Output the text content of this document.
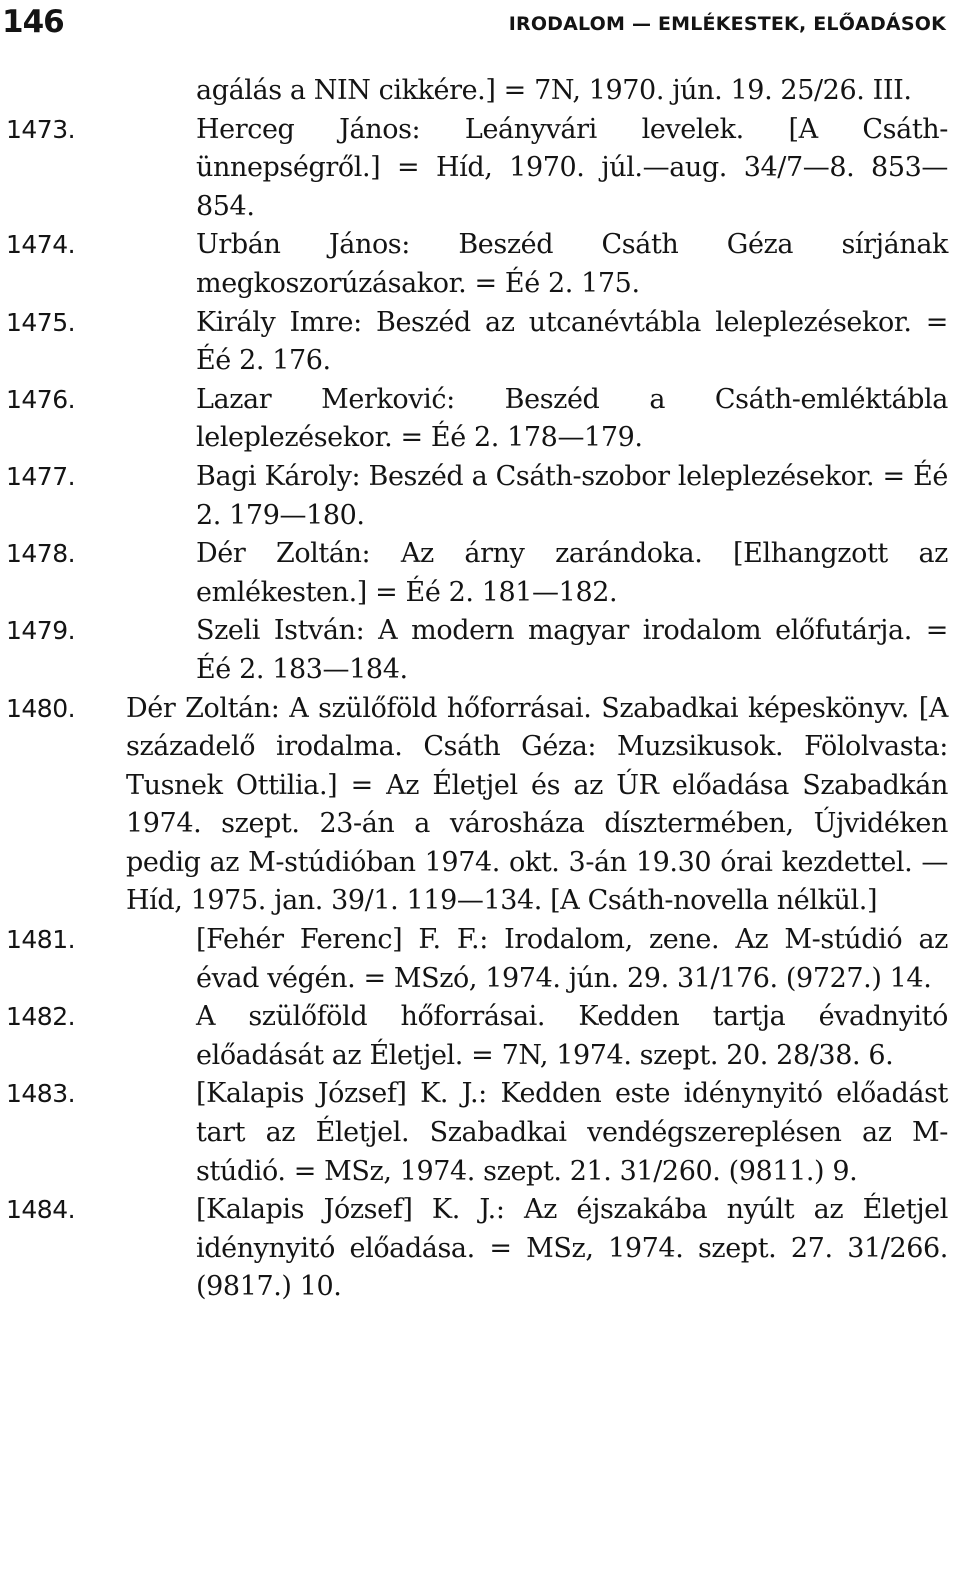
146	IRODALOM — EMLÉKESTEK, ELŐADÁSOK
agálás a NIN cikkére.] = 7N, 1970. jún. 19. 25/26. III.
1473.	Herceg János: Leányvári levelek. [A Csáth-ünnepségről.] = Híd, 1970. júl.—aug. 34/7—8. 853—854.
1474.	Urbán János: Beszéd Csáth Géza sírjának megkoszorúzásakor. = Éé 2. 175.
1475.	Király Imre: Beszéd az utcanévtábla leleplezésekor. = Éé 2. 176.
1476.	Lazar Merković: Beszéd a Csáth-emléktábla leleplezésekor. = Éé 2. 178—179.
1477.	Bagi Károly: Beszéd a Csáth-szobor leleplezésekor. = Éé 2. 179—180.
1478.	Dér Zoltán: Az árny zarándoka. [Elhangzott az emlékesten.] = Éé 2. 181—182.
1479.	Szeli István: A modern magyar irodalom előfutárja. = Éé 2. 183—184.
1480. Dér Zoltán: A szülőföld hőforrásai. Szabadkai képeskönyv. [A századelő irodalma. Csáth Géza: Muzsikusok. Fölolvasta: Tusnek Ottilia.] = Az Életjel és az ÚR előadása Szabadkán 1974. szept. 23-án a városháza dísztermében, Újvidéken pedig az M-stúdióban 1974. okt. 3-án 19.30 órai kezdettel. — Híd, 1975. jan. 39/1. 119—134. [A Csáth-novella nélkül.]
1481.	[Fehér Ferenc] F. F.: Irodalom, zene. Az M-stúdió az évad végén. = MSzó, 1974. jún. 29. 31/176. (9727.) 14.
1482.	A szülőföld hőforrásai. Kedden tartja évadnyitó előadását az Életjel. = 7N, 1974. szept. 20. 28/38. 6.
1483.	[Kalapis József] K. J.: Kedden este idénynyitó előadást tart az Életjel. Szabadkai vendégszereplésen az M-stúdió. = MSz, 1974. szept. 21. 31/260. (9811.) 9.
1484.	[Kalapis József] K. J.: Az éjszakába nyúlt az Életjel idénynyitó előadása. = MSz, 1974. szept. 27. 31/266. (9817.) 10.
